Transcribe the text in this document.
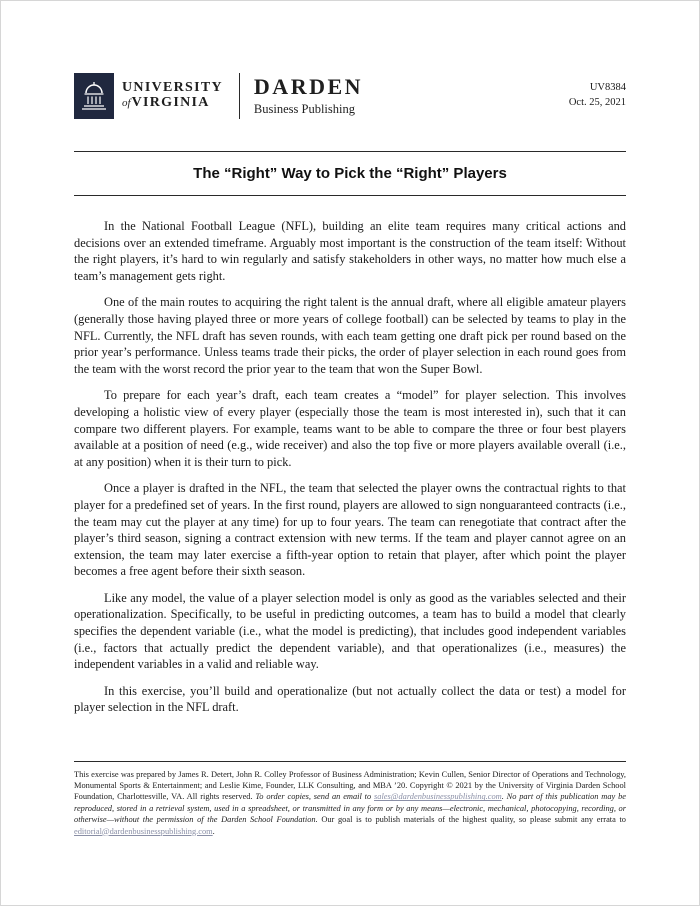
UNIVERSITY
ofVIRGINIA
DARDEN
Business Publishing
UV8384
Oct. 25, 2021
The “Right” Way to Pick the “Right” Players

In the National Football League (NFL), building an elite team requires many critical actions and decisions over an extended timeframe. Arguably most important is the construction of the team itself: Without the right players, it’s hard to win regularly and satisfy stakeholders in other ways, no matter how much else a team’s management gets right.

One of the main routes to acquiring the right talent is the annual draft, where all eligible amateur players (generally those having played three or more years of college football) can be selected by teams to play in the NFL. Currently, the NFL draft has seven rounds, with each team getting one draft pick per round based on the prior year’s performance. Unless teams trade their picks, the order of player selection in each round goes from the team with the worst record the prior year to the team that won the Super Bowl.

To prepare for each year’s draft, each team creates a “model” for player selection. This involves developing a holistic view of every player (especially those the team is most interested in), such that it can compare two different players. For example, teams want to be able to compare the three or four best players available at a position of need (e.g., wide receiver) and also the top five or more players available overall (i.e., at any position) when it is their turn to pick.

Once a player is drafted in the NFL, the team that selected the player owns the contractual rights to that player for a predefined set of years. In the first round, players are allowed to sign nonguaranteed contracts (i.e., the team may cut the player at any time) for up to four years. The team can renegotiate that contract after the player’s third season, signing a contract extension with new terms. If the team and player cannot agree on an extension, the team may later exercise a fifth-year option to retain that player, after which point the player becomes a free agent before their sixth season.

Like any model, the value of a player selection model is only as good as the variables selected and their operationalization. Specifically, to be useful in predicting outcomes, a team has to build a model that clearly specifies the dependent variable (i.e., what the model is predicting), that includes good independent variables (i.e., factors that actually predict the dependent variable), and that operationalizes (i.e., measures) the independent variables in a valid and reliable way.

In this exercise, you’ll build and operationalize (but not actually collect the data or test) a model for player selection in the NFL draft.

This exercise was prepared by James R. Detert, John R. Colley Professor of Business Administration; Kevin Cullen, Senior Director of Operations and Technology, Monumental Sports & Entertainment; and Leslie Kime, Founder, LLK Consulting, and MBA ’20. Copyright © 2021 by the University of Virginia Darden School Foundation, Charlottesville, VA. All rights reserved. To order copies, send an email to sales@dardenbusinesspublishing.com. No part of this publication may be reproduced, stored in a retrieval system, used in a spreadsheet, or transmitted in any form or by any means—electronic, mechanical, photocopying, recording, or otherwise—without the permission of the Darden School Foundation. Our goal is to publish materials of the highest quality, so please submit any errata to editorial@dardenbusinesspublishing.com.
